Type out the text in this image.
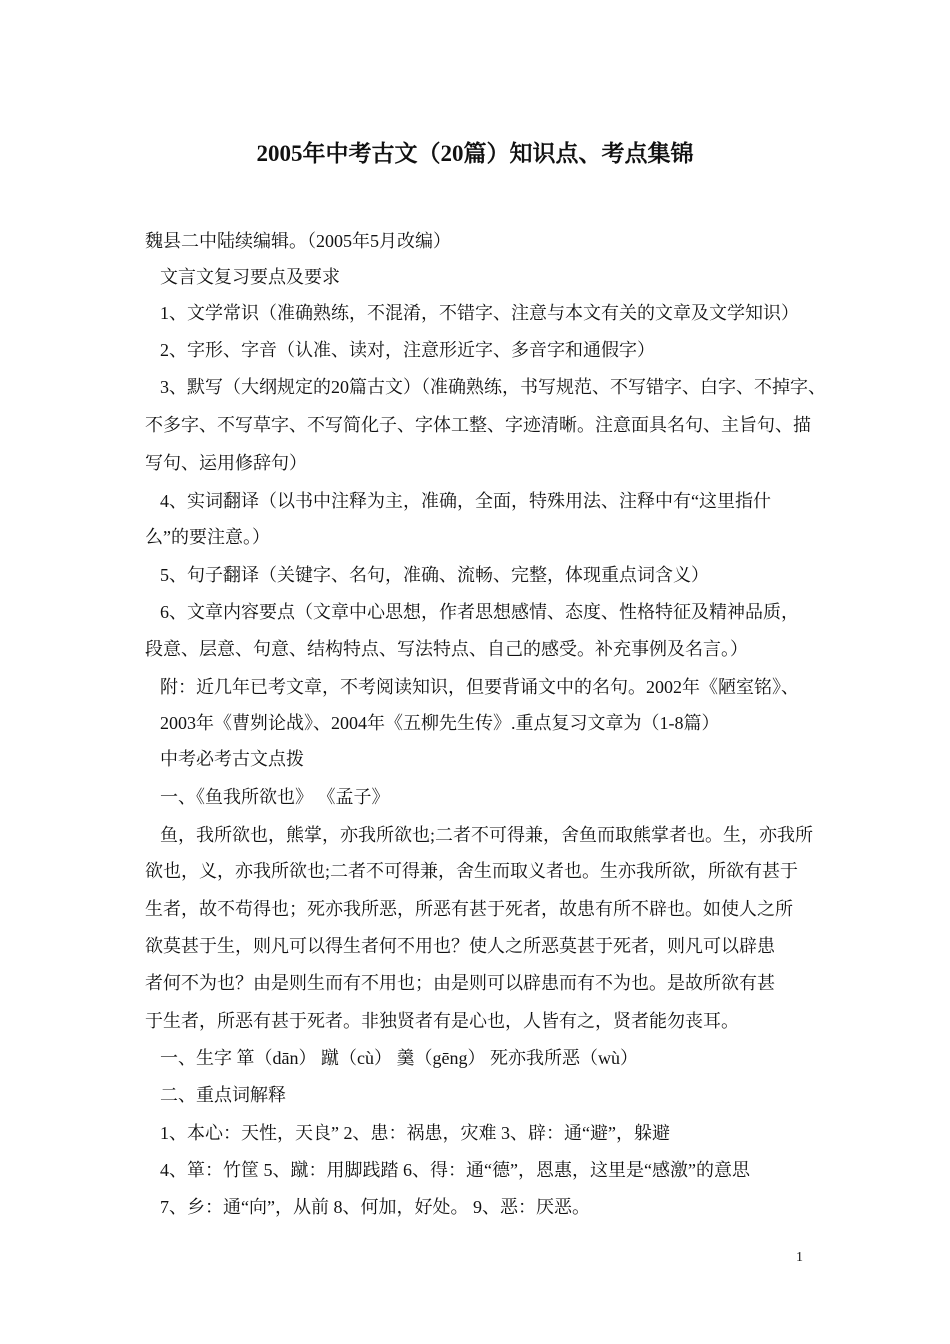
2005年中考古文（20篇）知识点、考点集锦

魏县二中陆续编辑。（2005年5月改编）

文言文复习要点及要求

1、文学常识（准确熟练，不混淆，不错字、注意与本文有关的文章及文学知识）

2、字形、字音（认准、读对，注意形近字、多音字和通假字）

3、默写（大纲规定的20篇古文）（准确熟练，书写规范、不写错字、白字、不掉字、

不多字、不写草字、不写简化子、字体工整、字迹清晰。注意面具名句、主旨句、描

写句、运用修辞句）

4、实词翻译（以书中注释为主，准确，全面，特殊用法、注释中有“这里指什

么”的要注意。）

5、句子翻译（关键字、名句，准确、流畅、完整，体现重点词含义）

6、文章内容要点（文章中心思想，作者思想感情、态度、性格特征及精神品质，

段意、层意、句意、结构特点、写法特点、自己的感受。补充事例及名言。）

附：近几年已考文章，不考阅读知识，但要背诵文中的名句。2002年《陋室铭》、

2003年《曹刿论战》、2004年《五柳先生传》.重点复习文章为（1-8篇）

中考必考古文点拨

一、《鱼我所欲也》 《孟子》

鱼，我所欲也，熊掌，亦我所欲也;二者不可得兼，舍鱼而取熊掌者也。生，亦我所

欲也，义，亦我所欲也;二者不可得兼，舍生而取义者也。生亦我所欲，所欲有甚于

生者，故不苟得也；死亦我所恶，所恶有甚于死者，故患有所不辟也。如使人之所

欲莫甚于生，则凡可以得生者何不用也？使人之所恶莫甚于死者，则凡可以辟患

者何不为也？由是则生而有不用也；由是则可以辟患而有不为也。是故所欲有甚

于生者，所恶有甚于死者。非独贤者有是心也，人皆有之，贤者能勿丧耳。

一、生字 箪（dān） 蹴（cù） 羹（gēng） 死亦我所恶（wù）

二、重点词解释

1、本心：天性，天良” 2、患：祸患，灾难 3、辟：通“避”，躲避

4、箪：竹筐 5、蹴：用脚践踏 6、得：通“德”，恩惠，这里是“感激”的意思

7、乡：通“向”，从前 8、何加，好处。 9、恶：厌恶。

1
